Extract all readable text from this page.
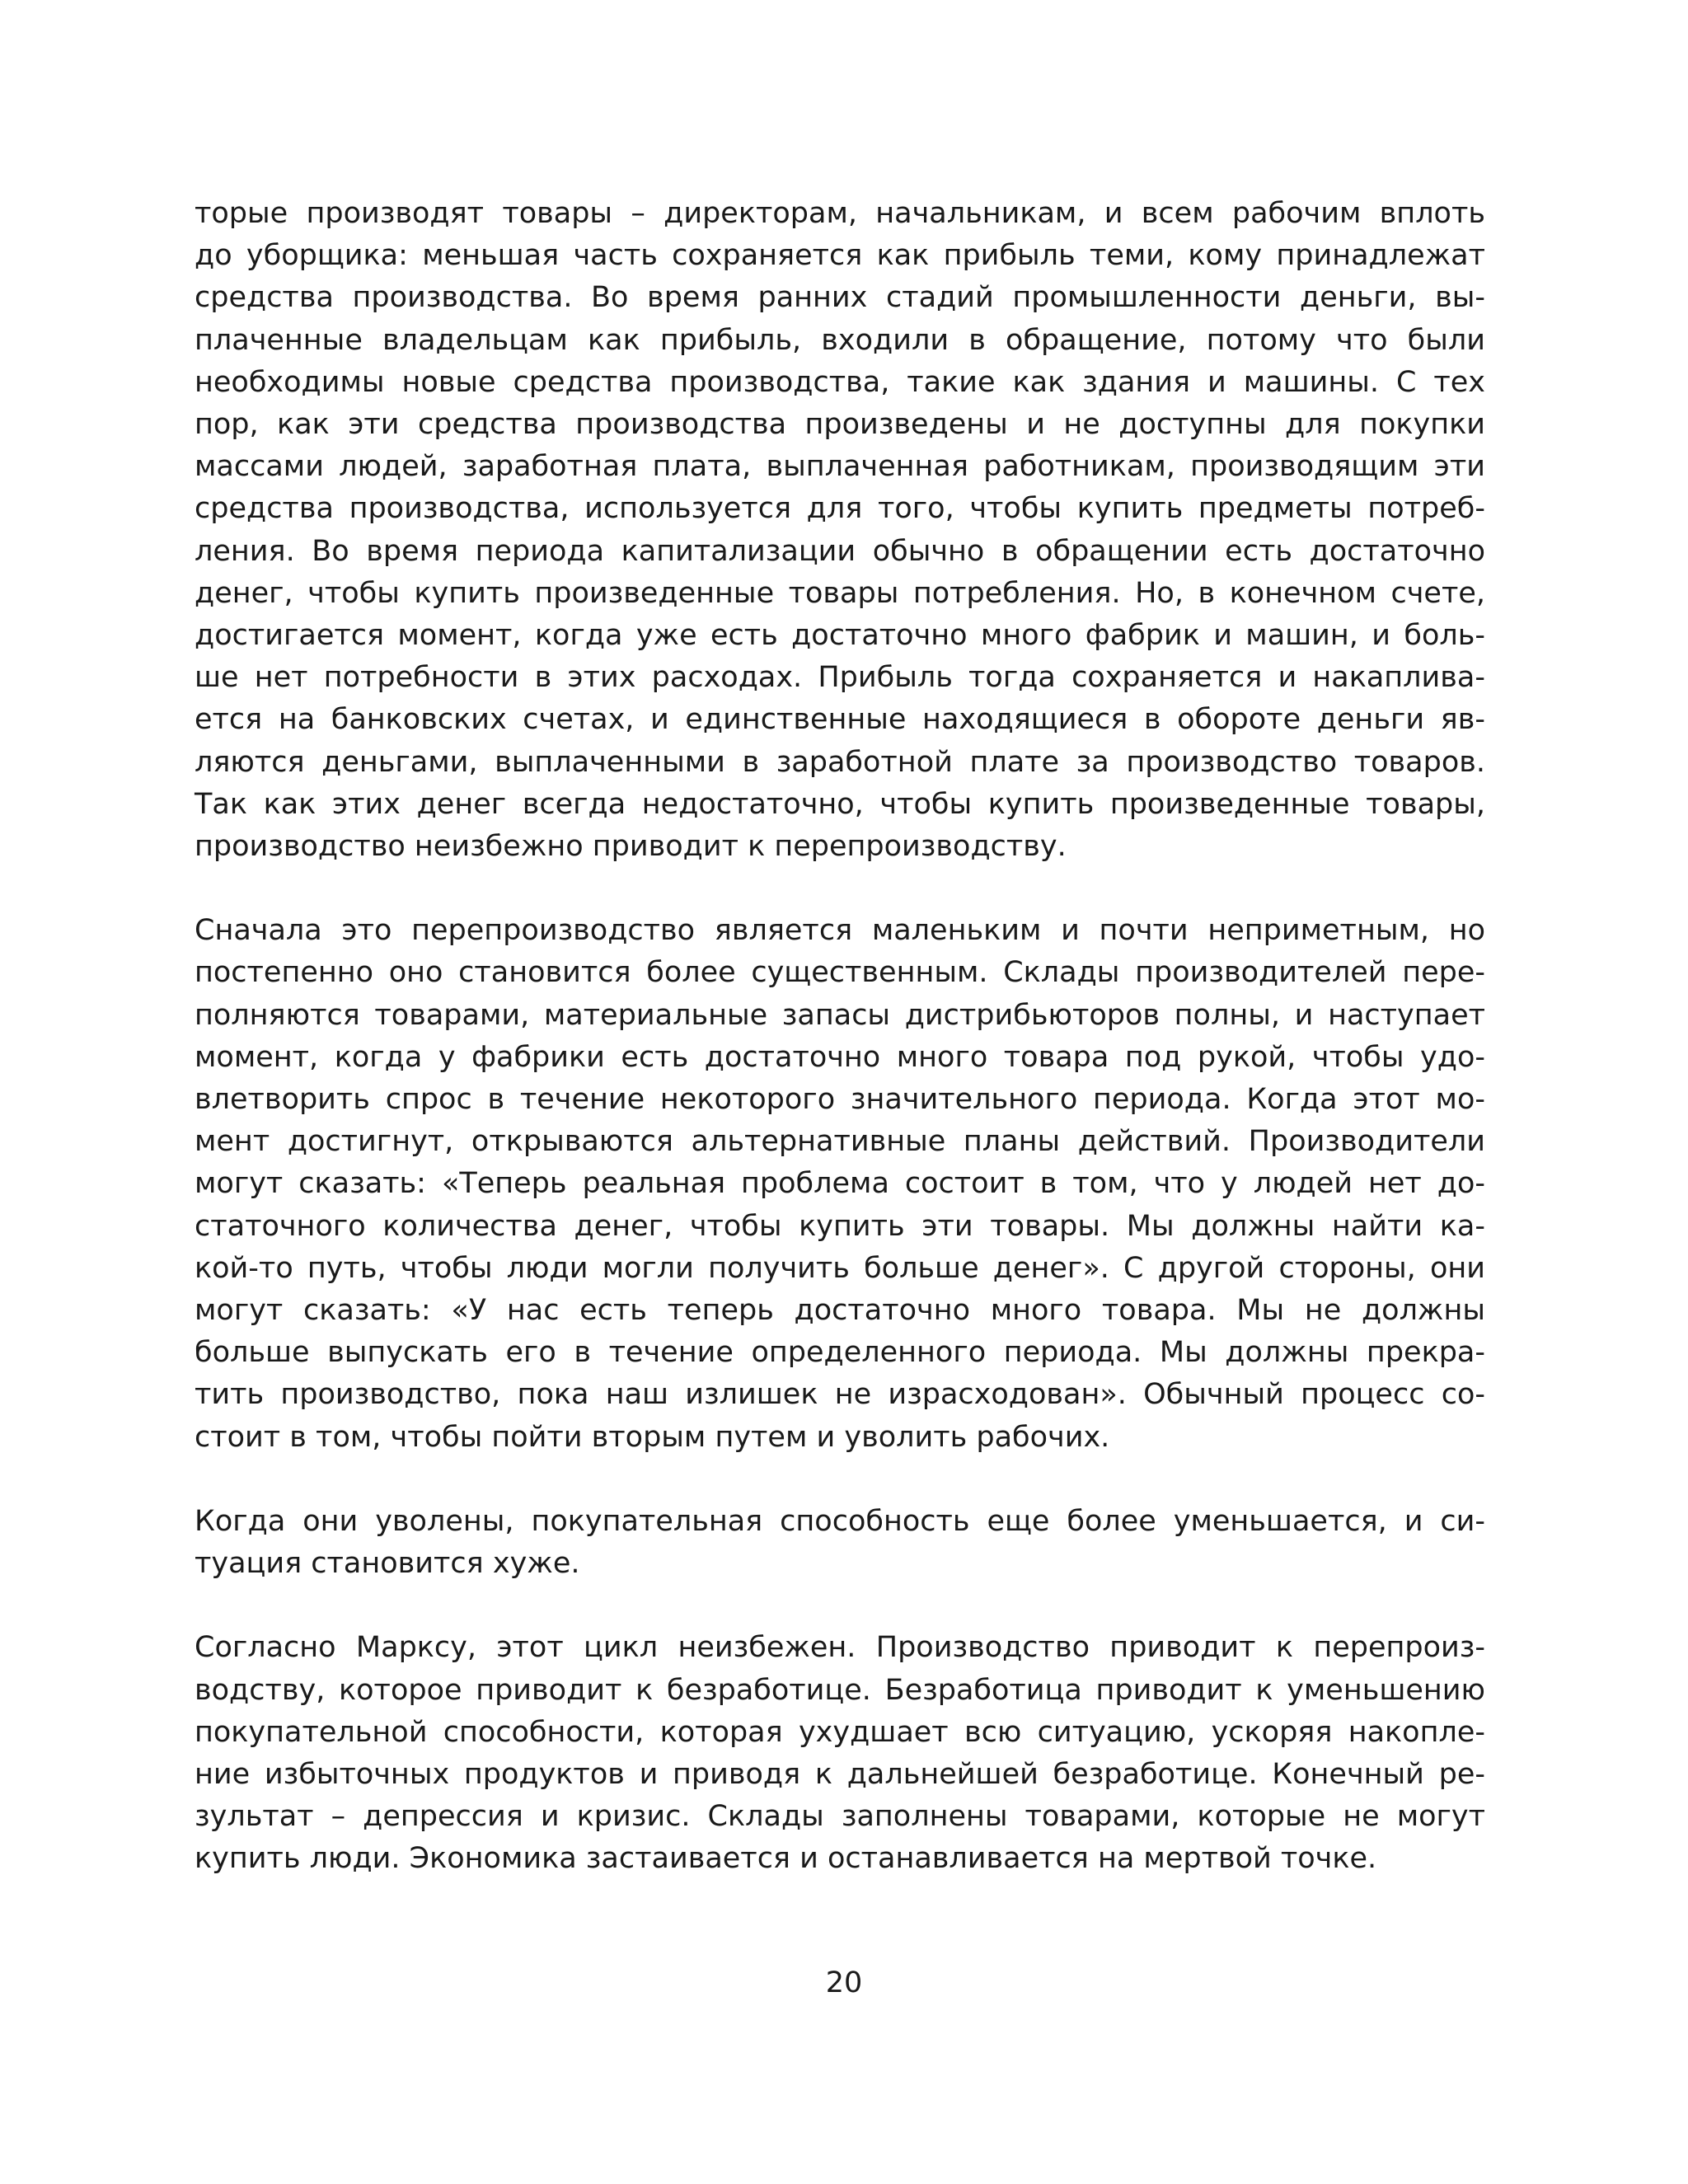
торые производят товары – директорам, начальникам, и всем рабочим вплоть
до уборщика: меньшая часть сохраняется как прибыль теми, кому принадлежат
средства производства. Во время ранних стадий промышленности деньги, вы-
плаченные владельцам как прибыль, входили в обращение, потому что были
необходимы новые средства производства, такие как здания и машины. С тех
пор, как эти средства производства произведены и не доступны для покупки
массами людей, заработная плата, выплаченная работникам, производящим эти
средства производства, используется для того, чтобы купить предметы потреб-
ления. Во время периода капитализации обычно в обращении есть достаточно
денег, чтобы купить произведенные товары потребления. Но, в конечном счете,
достигается момент, когда уже есть достаточно много фабрик и машин, и боль-
ше нет потребности в этих расходах. Прибыль тогда сохраняется и накаплива-
ется на банковских счетах, и единственные находящиеся в обороте деньги яв-
ляются деньгами, выплаченными в заработной плате за производство товаров.
Так как этих денег всегда недостаточно, чтобы купить произведенные товары,
производство неизбежно приводит к перепроизводству.
Сначала это перепроизводство является маленьким и почти неприметным, но
постепенно оно становится более существенным. Склады производителей пере-
полняются товарами, материальные запасы дистрибьюторов полны, и наступает
момент, когда у фабрики есть достаточно много товара под рукой, чтобы удо-
влетворить спрос в течение некоторого значительного периода. Когда этот мо-
мент достигнут, открываются альтернативные планы действий. Производители
могут сказать: «Теперь реальная проблема состоит в том, что у людей нет до-
статочного количества денег, чтобы купить эти товары. Мы должны найти ка-
кой-то путь, чтобы люди могли получить больше денег». С другой стороны, они
могут сказать: «У нас есть теперь достаточно много товара. Мы не должны
больше выпускать его в течение определенного периода. Мы должны прекра-
тить производство, пока наш излишек не израсходован». Обычный процесс со-
стоит в том, чтобы пойти вторым путем и уволить рабочих.
Когда они уволены, покупательная способность еще более уменьшается, и си-
туация становится хуже.
Согласно Марксу, этот цикл неизбежен. Производство приводит к перепроиз-
водству, которое приводит к безработице. Безработица приводит к уменьшению
покупательной способности, которая ухудшает всю ситуацию, ускоряя накопле-
ние избыточных продуктов и приводя к дальнейшей безработице. Конечный ре-
зультат – депрессия и кризис. Склады заполнены товарами, которые не могут
купить люди. Экономика застаивается и останавливается на мертвой точке.
20
